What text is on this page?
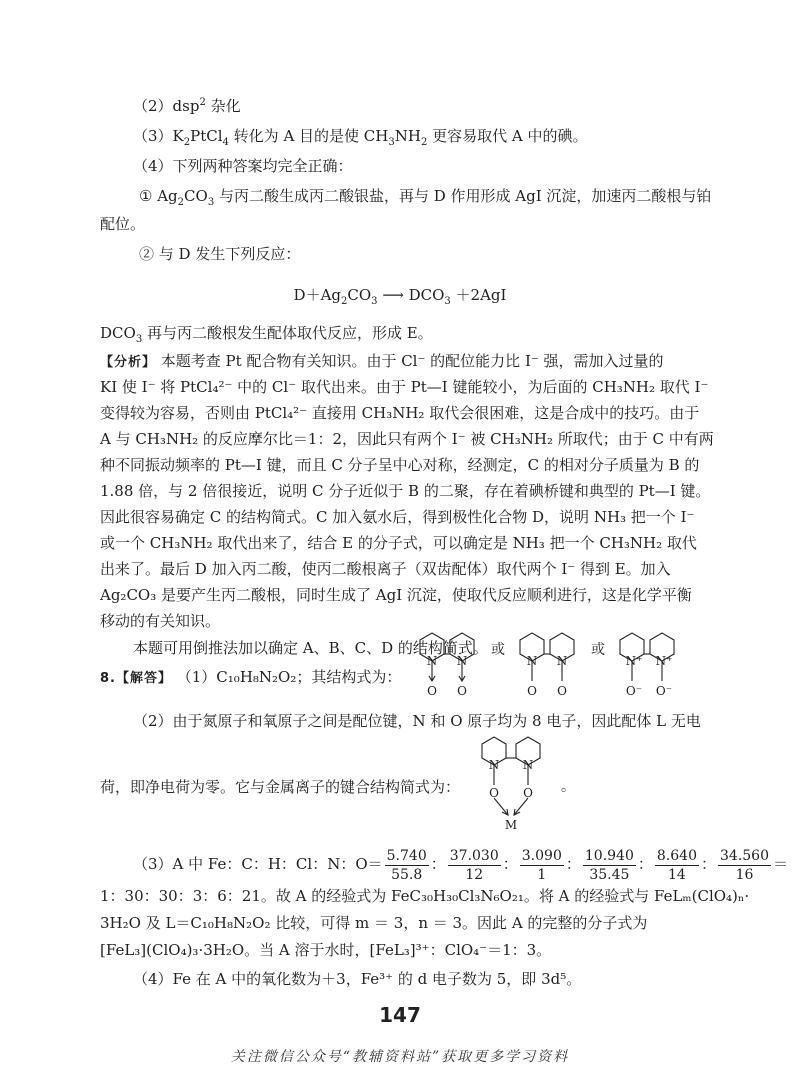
（2）dsp$^2$ 杂化
$(3)K_2PtCl_4$ 转化为 A 目的是使 $CH_3NH_2$ 更容易取代 A 中的碘。
（4）下列两种答案均完全正确：
① $Ag_2CO_3$ 与丙二酸生成丙二酸银盐，再与 D 作用形成 AgI 沉淀，加速丙二酸根与铂
配位。
② 与 D 发生下列反应：
$D+Ag_2CO_3$ ⟶ $DCO_3 +2AgI$
$DCO_3$ 再与丙二酸根发生配体取代反应，形成 E。
【分析】 本题考查 Pt 配合物有关知识。由于 Cl⁻ 的配位能力比 I⁻ 强，需加入过量的
KI 使 I⁻ 将 PtCl₄²⁻ 中的 Cl⁻ 取代出来。由于 Pt—I 键能较小，为后面的 CH₃NH₂ 取代 I⁻
变得较为容易，否则由 PtCl₄²⁻ 直接用 CH₃NH₂ 取代会很困难，这是合成中的技巧。由于
A 与 CH₃NH₂ 的反应摩尔比＝1：2，因此只有两个 I⁻ 被 CH₃NH₂ 所取代；由于 C 中有两
种不同振动频率的 Pt—I 键，而且 C 分子呈中心对称，经测定，C 的相对分子质量为 B 的
1.88 倍，与 2 倍很接近，说明 C 分子近似于 B 的二聚，存在着碘桥键和典型的 Pt—I 键。
因此很容易确定 C 的结构简式。C 加入氨水后，得到极性化合物 D，说明 NH₃ 把一个 I⁻
或一个 CH₃NH₂ 取代出来了，结合 E 的分子式，可以确定是 NH₃ 把一个 CH₃NH₂ 取代
出来了。最后 D 加入丙二酸，使丙二酸根离子（双齿配体）取代两个 I⁻ 得到 E。加入
Ag₂CO₃ 是要产生丙二酸根，同时生成了 AgI 沉淀，使取代反应顺利进行，这是化学平衡
移动的有关知识。
本题可用倒推法加以确定 A、B、C、D 的结构简式。
8.【解答】 （1）C₁₀H₈N₂O₂；其结构式为：
N N
O O
或
N N
O O
或
N⁺ N⁺
O⁻ O⁻
（2）由于氮原子和氧原子之间是配位键，N 和 O 原子均为 8 电子，因此配体 L 无电
N N
O O
M
。
荷，即净电荷为零。它与金属离子的键合结构简式为：
（3）A 中 Fe：C：H：Cl：N：$O= \frac{5.740}{55.8}$ ： $\frac{37.030}{12}$ ： $\frac{3.090}{1}$ ： $\frac{10.940}{35.45}$ ： $\frac{8.640}{14}$ ： $\frac{34.560}{16}$ ＝
1：30：30：3：6：21。故 A 的经验式为 FeC₃₀H₃₀Cl₃N₆O₂₁。将 A 的经验式与 FeLₘ(ClO₄)ₙ·
3H₂O 及 L＝C₁₀H₈N₂O₂ 比较，可得 m ＝ 3，n ＝ 3。因此 A 的完整的分子式为
[FeL₃](ClO₄)₃·3H₂O。当 A 溶于水时，[FeL₃]³⁺：ClO₄⁻＝1：3。
（4）Fe 在 A 中的氧化数为＋3，Fe³⁺ 的 d 电子数为 5，即 3d⁵。
147
关注微信公众号“教辅资料站”获取更多学习资料
